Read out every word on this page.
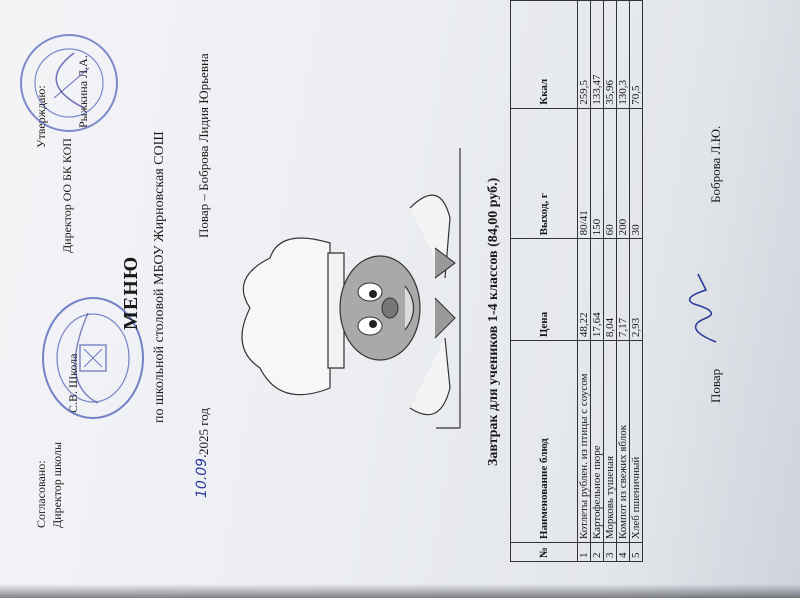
Согласовано: Директор школы
С.В. Школа
Утверждаю:
Директор ОО БК КОП
Рыжкина Л.А.
МЕНЮ по школьной столовой МБОУ Жирновская СОШ
10.09.
2025 год
Повар – Боброва Лидия Юрьевна
Завтрак для учеников 1-4 классов (84,00 руб.)
№	Наименование блюд	Цена	Выход, г	Ккал
1	Котлеты рублен. из птицы с соусом	48,22	80/41	259,5
2	Картофельное пюре	17,64	150	133,47
3	Морковь тушеная	8,04	60	35,96
4	Компот из свежих яблок	7,17	200	130,3
5	Хлеб пшеничный	2,93	30	70,5
Повар
Боброва Л.Ю.
